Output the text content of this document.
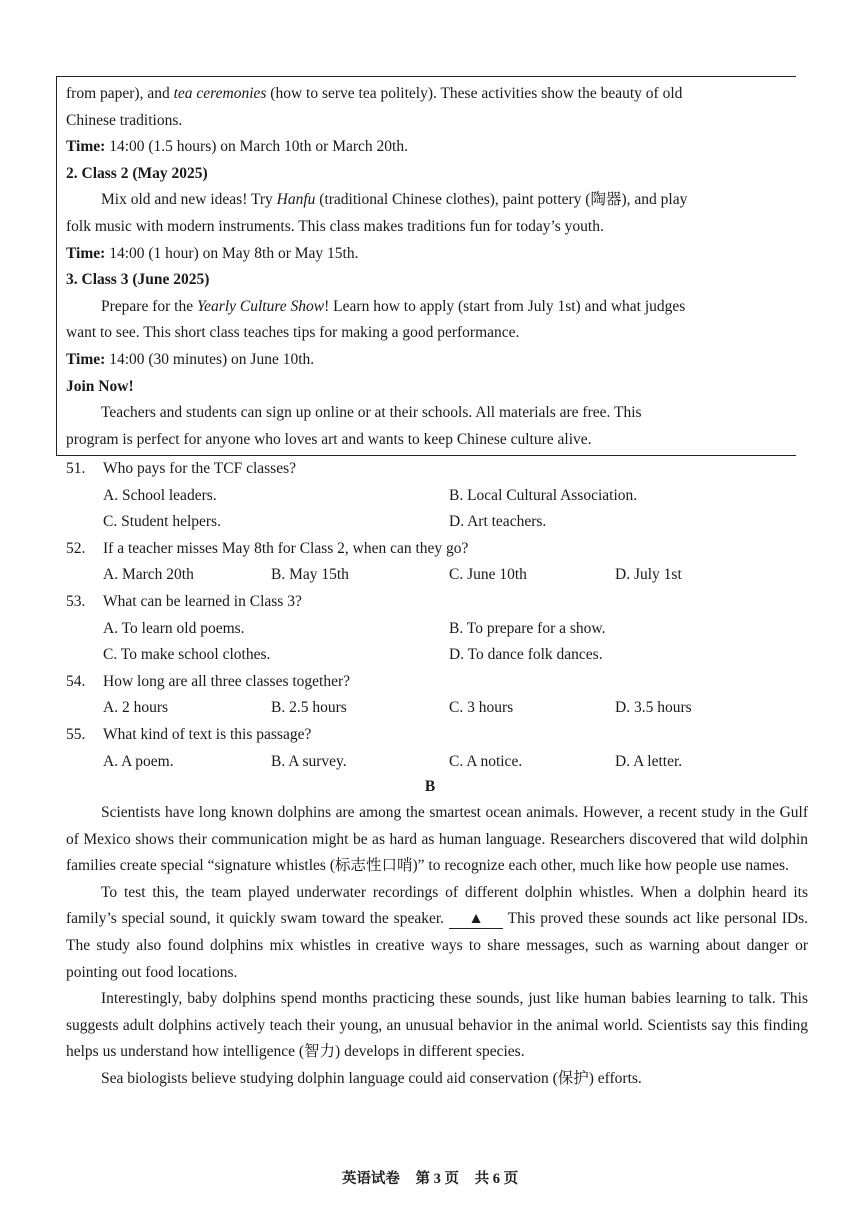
from paper), and tea ceremonies (how to serve tea politely). These activities show the beauty of old

Chinese traditions.

Time: 14:00 (1.5 hours) on March 10th or March 20th.

2. Class 2 (May 2025)

Mix old and new ideas! Try Hanfu (traditional Chinese clothes), paint pottery (陶器), and play

folk music with modern instruments. This class makes traditions fun for today’s youth.

Time: 14:00 (1 hour) on May 8th or May 15th.

3. Class 3 (June 2025)

Prepare for the Yearly Culture Show! Learn how to apply (start from July 1st) and what judges

want to see. This short class teaches tips for making a good performance.

Time: 14:00 (30 minutes) on June 10th.

Join Now!

Teachers and students can sign up online or at their schools. All materials are free. This

program is perfect for anyone who loves art and wants to keep Chinese culture alive.

51. Who pays for the TCF classes?
A. School leaders.	B. Local Cultural Association.
C. Student helpers.	D. Art teachers.
52. If a teacher misses May 8th for Class 2, when can they go?
A. March 20th	B. May 15th	C. June 10th	D. July 1st
53. What can be learned in Class 3?
A. To learn old poems.	B. To prepare for a show.
C. To make school clothes.	D. To dance folk dances.
54. How long are all three classes together?
A. 2 hours	B. 2.5 hours	C. 3 hours	D. 3.5 hours
55. What kind of text is this passage?
A. A poem.	B. A survey.	C. A notice.	D. A letter.
B

Scientists have long known dolphins are among the smartest ocean animals. However, a recent study in the Gulf of Mexico shows their communication might be as hard as human language. Researchers discovered that wild dolphin families create special “signature whistles (标志性口哨)” to recognize each other, much like how people use names.

To test this, the team played underwater recordings of different dolphin whistles. When a dolphin heard its family’s special sound, it quickly swam toward the speaker. ▲ This proved these sounds act like personal IDs. The study also found dolphins mix whistles in creative ways to share messages, such as warning about danger or pointing out food locations.

Interestingly, baby dolphins spend months practicing these sounds, just like human babies learning to talk. This suggests adult dolphins actively teach their young, an unusual behavior in the animal world. Scientists say this finding helps us understand how intelligence (智力) develops in different species.

Sea biologists believe studying dolphin language could aid conservation (保护) efforts.

英语试卷 第 3 页 共 6 页
